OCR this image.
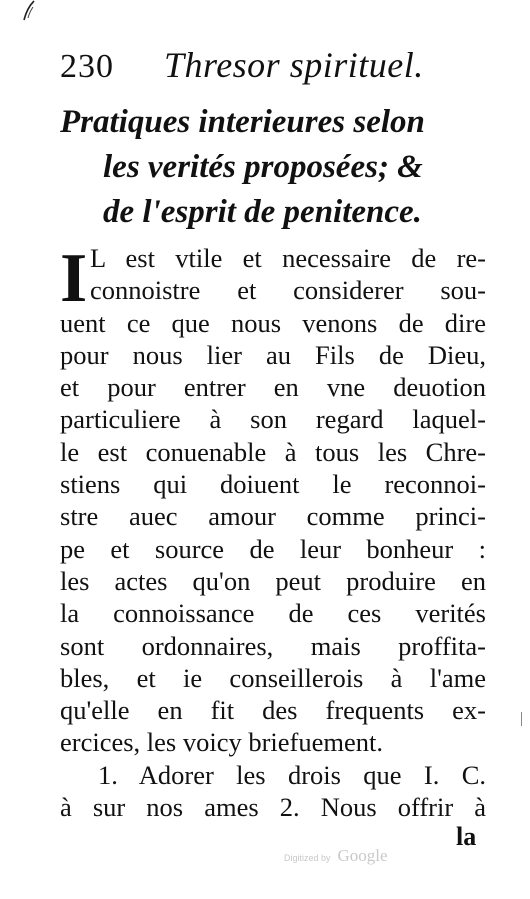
230 Thresor spirituel.
Pratiques interieures selon
les verités proposées; &
de l'esprit de penitence.
I L est vtile et necessaire de re-
connoistre et considerer sou-
uent ce que nous venons de dire
pour nous lier au Fils de Dieu,
et pour entrer en vne deuotion
particuliere à son regard laquel-
le est conuenable à tous les Chre-
stiens qui doiuent le reconnoi-
stre auec amour comme princi-
pe et source de leur bonheur :
les actes qu'on peut produire en
la connoissance de ces verités
sont ordonnaires, mais proffita-
bles, et ie conseillerois à l'ame
qu'elle en fit des frequents ex-
ercices, les voicy briefuement.
1. Adorer les drois que I. C.
à sur nos ames 2. Nous offrir à
la
Digitized by Google
